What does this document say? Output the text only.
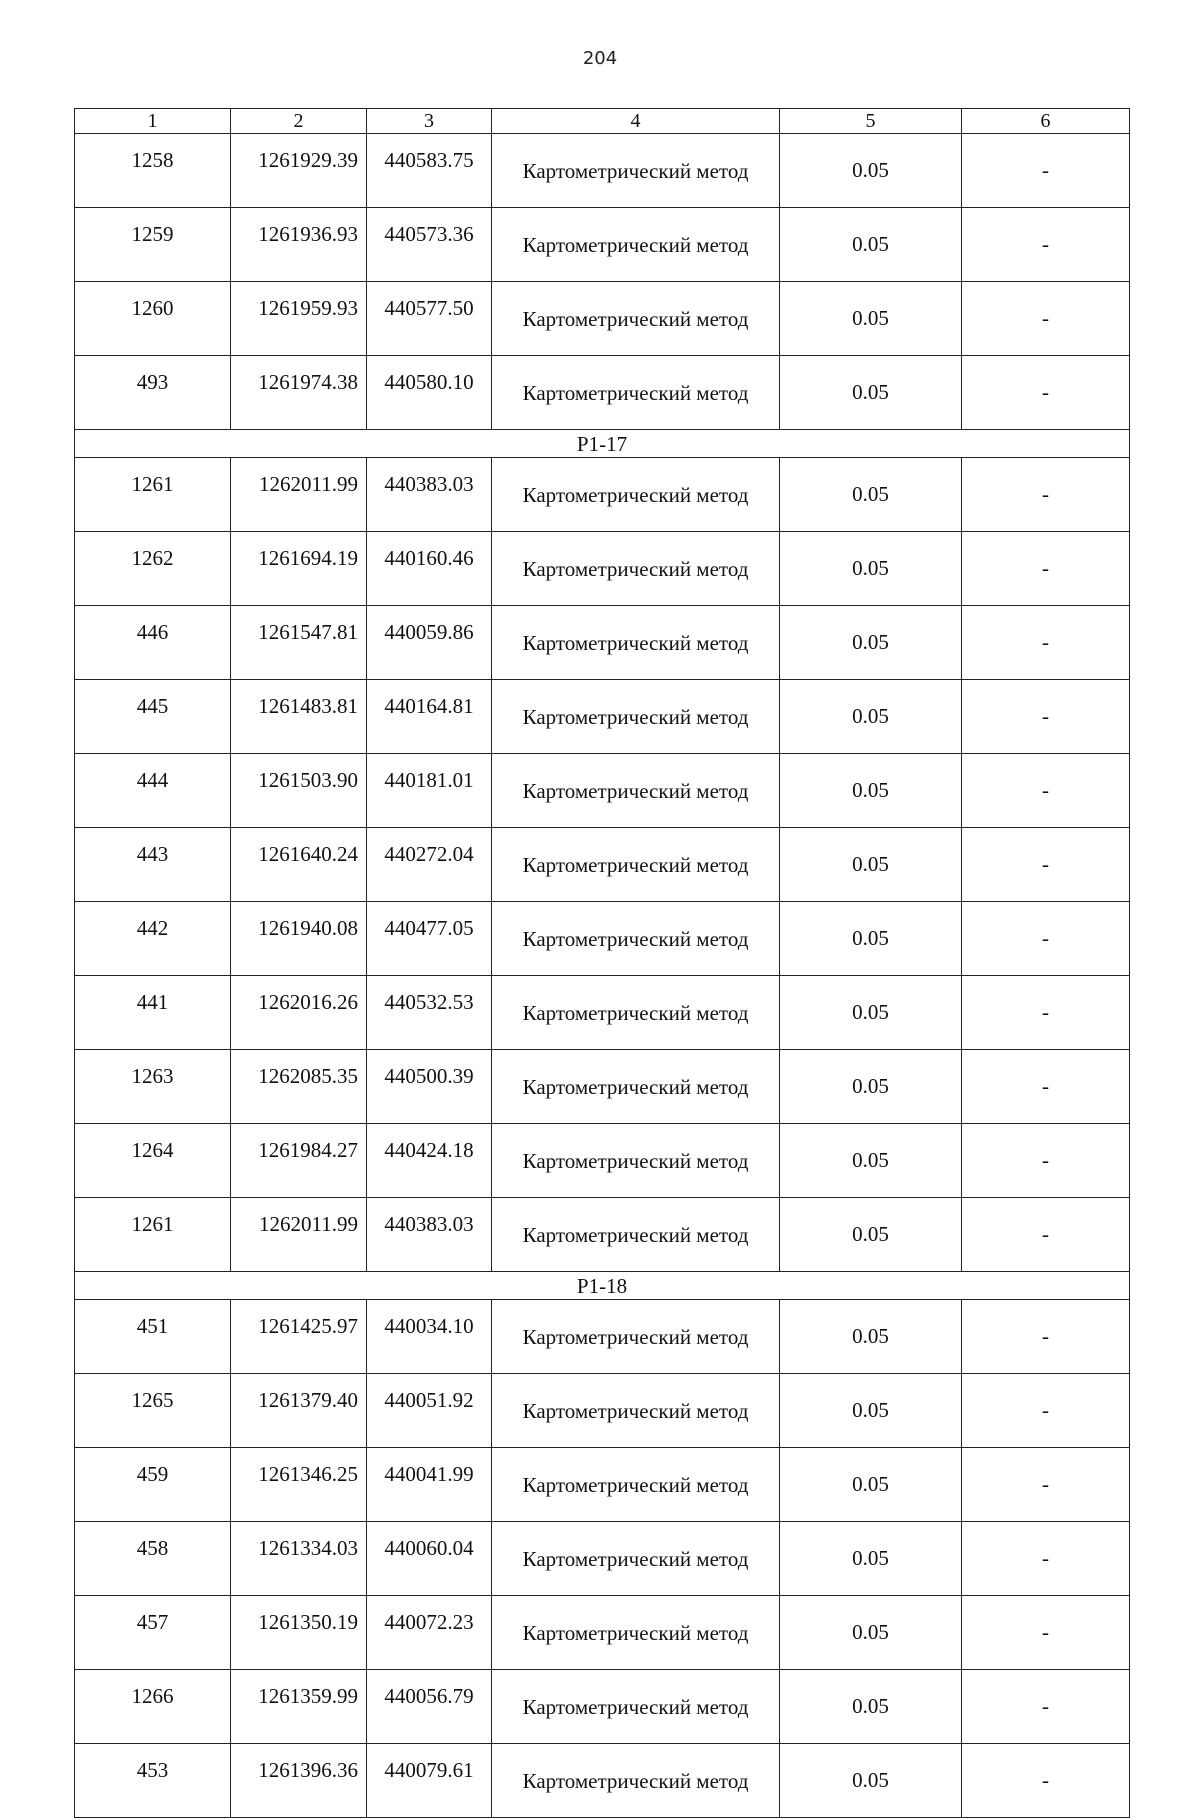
204
1	2	3	4	5	6
1258	1261929.39	440583.75	Картометрический метод	0.05	-
1259	1261936.93	440573.36	Картометрический метод	0.05	-
1260	1261959.93	440577.50	Картометрический метод	0.05	-
493	1261974.38	440580.10	Картометрический метод	0.05	-
Р1-17					
1261	1262011.99	440383.03	Картометрический метод	0.05	-
1262	1261694.19	440160.46	Картометрический метод	0.05	-
446	1261547.81	440059.86	Картометрический метод	0.05	-
445	1261483.81	440164.81	Картометрический метод	0.05	-
444	1261503.90	440181.01	Картометрический метод	0.05	-
443	1261640.24	440272.04	Картометрический метод	0.05	-
442	1261940.08	440477.05	Картометрический метод	0.05	-
441	1262016.26	440532.53	Картометрический метод	0.05	-
1263	1262085.35	440500.39	Картометрический метод	0.05	-
1264	1261984.27	440424.18	Картометрический метод	0.05	-
1261	1262011.99	440383.03	Картометрический метод	0.05	-
Р1-18					
451	1261425.97	440034.10	Картометрический метод	0.05	-
1265	1261379.40	440051.92	Картометрический метод	0.05	-
459	1261346.25	440041.99	Картометрический метод	0.05	-
458	1261334.03	440060.04	Картометрический метод	0.05	-
457	1261350.19	440072.23	Картометрический метод	0.05	-
1266	1261359.99	440056.79	Картометрический метод	0.05	-
453	1261396.36	440079.61	Картометрический метод	0.05	-
